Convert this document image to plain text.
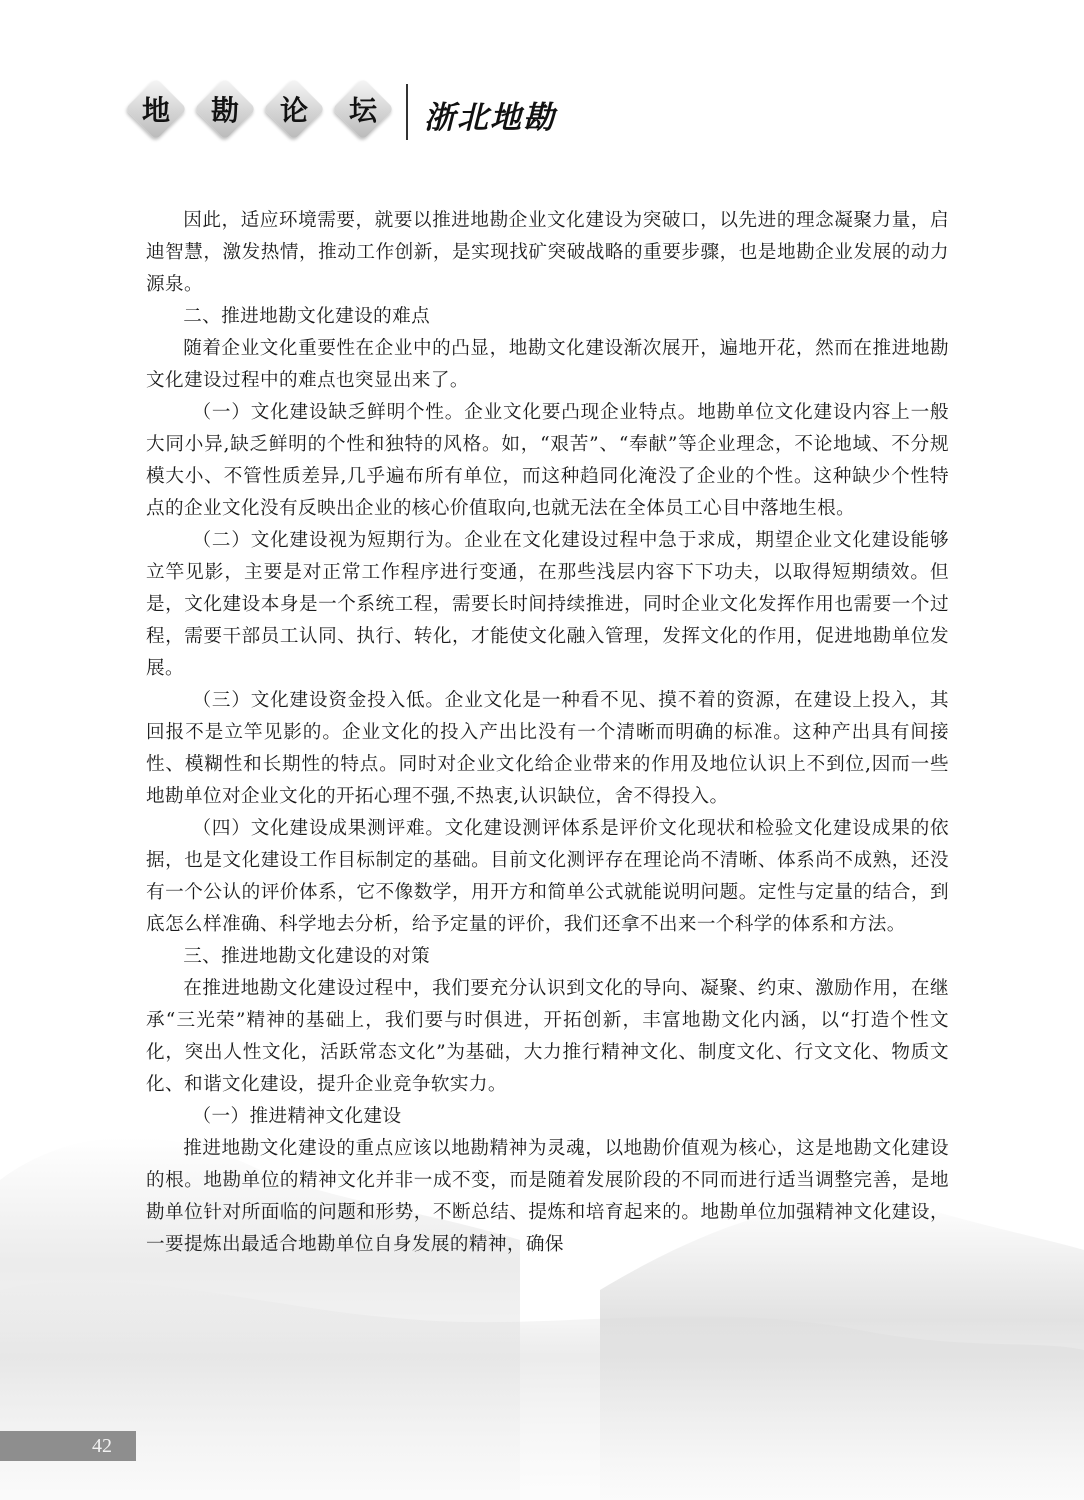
地 勘 论 坛 浙北地勘

因此，适应环境需要，就要以推进地勘企业文化建设为突破口，以先进的理念凝聚力量，启迪智慧，激发热情，推动工作创新，是实现找矿突破战略的重要步骤，也是地勘企业发展的动力源泉。

二、推进地勘文化建设的难点

随着企业文化重要性在企业中的凸显，地勘文化建设渐次展开，遍地开花，然而在推进地勘文化建设过程中的难点也突显出来了。

（一）文化建设缺乏鲜明个性。企业文化要凸现企业特点。地勘单位文化建设内容上一般大同小异,缺乏鲜明的个性和独特的风格。如，“艰苦”、“奉献”等企业理念，不论地域、不分规模大小、不管性质差异,几乎遍布所有单位，而这种趋同化淹没了企业的个性。这种缺少个性特点的企业文化没有反映出企业的核心价值取向,也就无法在全体员工心目中落地生根。

（二）文化建设视为短期行为。企业在文化建设过程中急于求成，期望企业文化建设能够立竿见影，主要是对正常工作程序进行变通，在那些浅层内容下下功夫，以取得短期绩效。但是，文化建设本身是一个系统工程，需要长时间持续推进，同时企业文化发挥作用也需要一个过程，需要干部员工认同、执行、转化，才能使文化融入管理，发挥文化的作用，促进地勘单位发展。

（三）文化建设资金投入低。企业文化是一种看不见、摸不着的资源，在建设上投入，其回报不是立竿见影的。企业文化的投入产出比没有一个清晰而明确的标准。这种产出具有间接性、模糊性和长期性的特点。同时对企业文化给企业带来的作用及地位认识上不到位,因而一些地勘单位对企业文化的开拓心理不强,不热衷,认识缺位，舍不得投入。

（四）文化建设成果测评难。文化建设测评体系是评价文化现状和检验文化建设成果的依据，也是文化建设工作目标制定的基础。目前文化测评存在理论尚不清晰、体系尚不成熟，还没有一个公认的评价体系，它不像数学，用开方和简单公式就能说明问题。定性与定量的结合，到底怎么样准确、科学地去分析，给予定量的评价，我们还拿不出来一个科学的体系和方法。

三、推进地勘文化建设的对策

在推进地勘文化建设过程中，我们要充分认识到文化的导向、凝聚、约束、激励作用，在继承“三光荣”精神的基础上，我们要与时俱进，开拓创新，丰富地勘文化内涵，以“打造个性文化，突出人性文化，活跃常态文化”为基础，大力推行精神文化、制度文化、行文文化、物质文化、和谐文化建设，提升企业竞争软实力。

（一）推进精神文化建设

推进地勘文化建设的重点应该以地勘精神为灵魂，以地勘价值观为核心，这是地勘文化建设的根。地勘单位的精神文化并非一成不变，而是随着发展阶段的不同而进行适当调整完善，是地勘单位针对所面临的问题和形势，不断总结、提炼和培育起来的。地勘单位加强精神文化建设，一要提炼出最适合地勘单位自身发展的精神，确保

42
